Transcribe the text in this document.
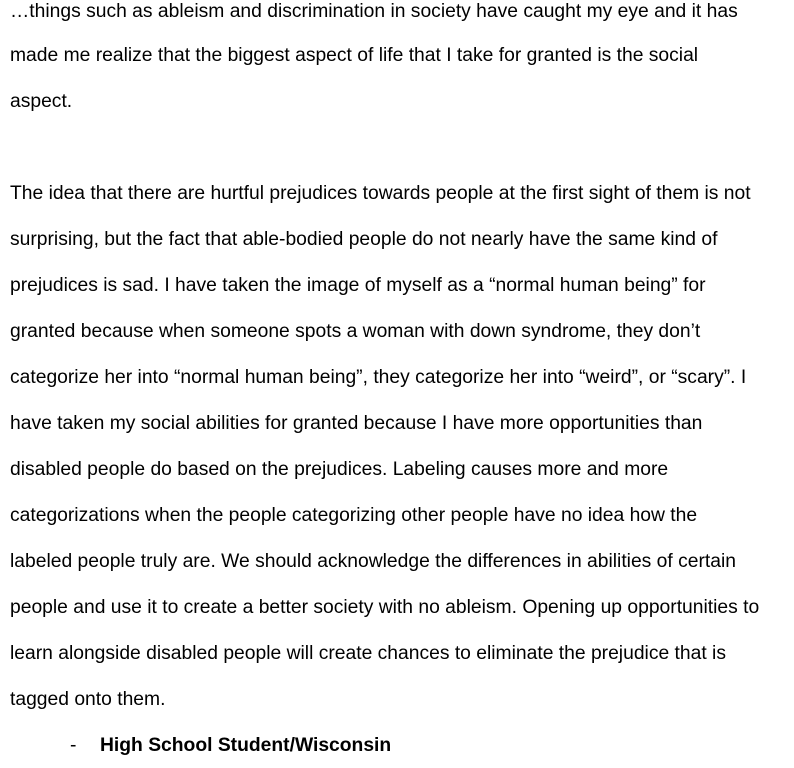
…things such as ableism and discrimination in society have caught my eye and it has
made me realize that the biggest aspect of life that I take for granted is the social
aspect.
The idea that there are hurtful prejudices towards people at the first sight of them is not
surprising, but the fact that able-bodied people do not nearly have the same kind of
prejudices is sad. I have taken the image of myself as a “normal human being” for
granted because when someone spots a woman with down syndrome, they don’t
categorize her into “normal human being”, they categorize her into “weird”, or “scary”. I
have taken my social abilities for granted because I have more opportunities than
disabled people do based on the prejudices. Labeling causes more and more
categorizations when the people categorizing other people have no idea how the
labeled people truly are. We should acknowledge the differences in abilities of certain
people and use it to create a better society with no ableism. Opening up opportunities to
learn alongside disabled people will create chances to eliminate the prejudice that is
tagged onto them.
- High School Student/Wisconsin
